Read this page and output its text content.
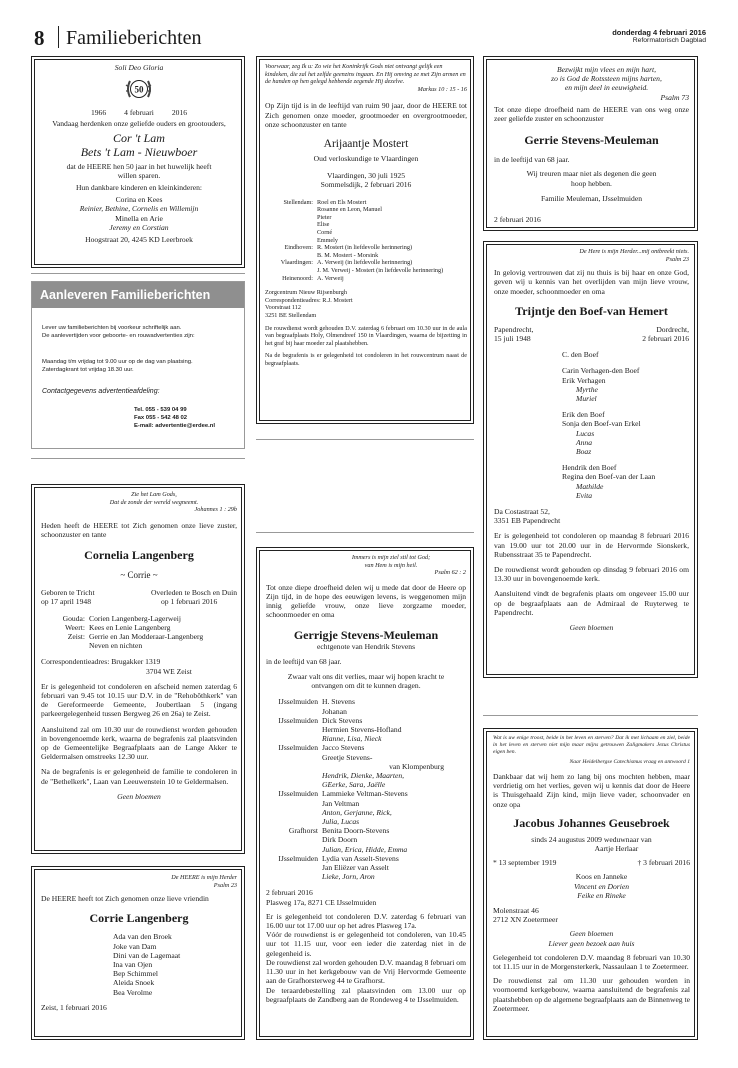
8 Familieberichten	donderdag 4 februari 2016
Reformatorisch Dagblad
Soli Deo Gloria
50
1966 4 februari 2016
Vandaag herdenken onze geliefde ouders en grootouders,
Cor 't Lam
Bets 't Lam - Nieuwboer
dat de HEERE hen 50 jaar in het huwelijk heeft willen sparen.
Hun dankbare kinderen en kleinkinderen:
Corina en Kees
Reinier, Bethine, Cornelis en Willemijn
Minella en Arie
Jeremy en Corstian
Hoogstraat 20, 4245 KD Leerbroek
Aanleveren Familieberichten
Lever uw familieberichten bij voorkeur schriftelijk aan.
De aanlevertijden voor geboorte- en rouwadvertenties zijn:
Maandag t/m vrijdag tot 9.00 uur op de dag van plaatsing.
Zaterdagkrant tot vrijdag 18.30 uur.
Contactgegevens advertentieafdeling:
Tel. 055 - 539 04 99
Fax 055 - 542 48 02
E-mail: advertentie@erdee.nl
Voorwaar, zeg Ik u: Zo wie het Koninkrijk Gods niet ontvangt gelijk een kindeken, die zal het zelfde geenzins ingaan. En Hij omving ze met Zijn armen en de handen op hen gelegd hebbende zegende Hij dezelve.
Markus 10 : 15 - 16
Op Zijn tijd is in de leeftijd van ruim 90 jaar, door de HEERE tot Zich genomen onze moeder, grootmoeder en overgrootmoeder, onze schoonzuster en tante
Arijaantje Mostert
Oud verloskundige te Vlaardingen
Vlaardingen, 30 juli 1925
Sommelsdijk, 2 februari 2016
Stellendam: Roel en Els Mostert
Rosanne en Leon, Manuel
Pieter
Elise
Corné
Emmely
Eindhoven: R. Mostert (in liefdevolle herinnering)
B. M. Mostert - Morsink
Vlaardingen: A. Verweij (in liefdevolle herinnering)
J. M. Verweij - Mostert (in liefdevolle herinnering)
Heinenoord: A. Verweij
Zorgcentrum Nieuw Rijsenburgh
Correspondentieadres: R.J. Mostert
Voorstraat 112
3251 BE Stellendam
De rouwdienst wordt gehouden D.V. zaterdag 6 februari om 10.30 uur in de aula van begraafplaats Holy, Olmendreef 150 in Vlaardingen, waarna de bijzetting in het graf bij haar moeder zal plaatshebben.
Na de begrafenis is er gelegenheid tot condoleren in het rouwcentrum naast de begraafplaats.
Bezwijkt mijn vlees en mijn hart,
zo is God de Rotssteen mijns harten,
en mijn deel in eeuwigheid.
Psalm 73
Tot onze diepe droefheid nam de HEERE van ons weg onze zeer geliefde zuster en schoonzuster
Gerrie Stevens-Meuleman
in de leeftijd van 68 jaar.
Wij treuren maar niet als degenen die geen hoop hebben.
Familie Meuleman, IJsselmuiden
2 februari 2016
De Here is mijn Herder...mij ontbreekt niets.
Psalm 23
In gelovig vertrouwen dat zij nu thuis is bij haar en onze God, geven wij u kennis van het overlijden van mijn lieve vrouw, onze moeder, schoonmoeder en oma
Trijntje den Boef-van Hemert
Papendrecht,
15 juli 1948
Dordrecht,
2 februari 2016
C. den Boef
Carin Verhagen-den Boef
Erik Verhagen
Myrthe
Muriel
Erik den Boef
Sonja den Boef-van Erkel
Lucas
Anna
Boaz
Hendrik den Boef
Regina den Boef-van der Laan
Mathilde
Evita
Da Costastraat 52,
3351 EB Papendrecht
Er is gelegenheid tot condoleren op maandag 8 februari 2016 van 19.00 uur tot 20.00 uur in de Hervormde Sionskerk, Rubensstraat 35 te Papendrecht.
De rouwdienst wordt gehouden op dinsdag 9 februari 2016 om 13.30 uur in bovengenoemde kerk.
Aansluitend vindt de begrafenis plaats om ongeveer 15.00 uur op de begraafplaats aan de Admiraal de Ruyterweg te Papendrecht.
Geen bloemen
Zie het Lam Gods,
Dat de zonde der wereld wegneemt.
Johannes 1 : 29b
Heden heeft de HEERE tot Zich genomen onze lieve zuster, schoonzuster en tante
Cornelia Langenberg
~ Corrie ~
Geboren te Tricht
op 17 april 1948
Overleden te Bosch en Duin
op 1 februari 2016
Gouda: Corien Langenberg-Lagerweij
Weert: Kees en Lenie Langenberg
Zeist: Gerrie en Jan Modderaar-Langenberg
Neven en nichten
Correspondentieadres: Brugakker 1319
3704 WE Zeist
Er is gelegenheid tot condoleren en afscheid nemen zaterdag 6 februari van 9.45 tot 10.15 uur D.V. in de "Rehobôthkerk" van de Gereformeerde Gemeente, Joubertlaan 5 (ingang parkeergelegenheid tussen Bergweg 26 en 26a) te Zeist.
Aansluitend zal om 10.30 uur de rouwdienst worden gehouden in bovengenoemde kerk, waarna de begrafenis zal plaatsvinden op de Gemeentelijke Begraafplaats aan de Lange Akker te Geldermalsen omstreeks 12.30 uur.
Na de begrafenis is er gelegenheid de familie te condoleren in de "Bethelkerk", Laan van Leeuwenstein 10 te Geldermalsen.
Geen bloemen
De HEERE is mijn Herder
Psalm 23
De HEERE heeft tot Zich genomen onze lieve vriendin
Corrie Langenberg
Ada van den Broek
Joke van Dam
Dini van de Lagemaat
Ina van Ojen
Bep Schimmel
Aleida Snoek
Bea Verolme
Zeist, 1 februari 2016
Immers is mijn ziel stil tot God;
van Hem is mijn heil.
Psalm 62 : 2
Tot onze diepe droefheid delen wij u mede dat door de Heere op Zijn tijd, in de hope des eeuwigen levens, is weggenomen mijn innig geliefde vrouw, onze lieve zorgzame moeder, schoonmoeder en oma
Gerrigje Stevens-Meuleman
echtgenote van Hendrik Stevens
in de leeftijd van 68 jaar.
Zwaar valt ons dit verlies, maar wij hopen kracht te ontvangen om dit te kunnen dragen.
IJsselmuiden H. Stevens
Johanan
IJsselmuiden Dick Stevens
Hermien Stevens-Hofland
Rianne, Lisa, Nieck
IJsselmuiden Jacco Stevens
Greetje Stevens-
van Klompenburg
Hendrik, Dienke, Maarten,
GEerke, Sara, Jaëlle
IJsselmuiden Lammieke Veltman-Stevens
Jan Veltman
Anton, Gerjanne, Rick,
Julia, Lucas
Grafhorst Benita Doorn-Stevens
Dirk Doorn
Julian, Erica, Hidde, Emma
IJsselmuiden Lydia van Asselt-Stevens
Jan Eliëzer van Asselt
Lieke, Jorn, Aron
2 februari 2016
Plasweg 17a, 8271 CE IJsselmuiden
Er is gelegenheid tot condoleren D.V. zaterdag 6 februari van 16.00 uur tot 17.00 uur op het adres Plasweg 17a.
Vóór de rouwdienst is er gelegenheid tot condoleren, van 10.45 uur tot 11.15 uur, voor een ieder die zaterdag niet in de gelegenheid is.
De rouwdienst zal worden gehouden D.V. maandag 8 februari om 11.30 uur in het kerkgebouw van de Vrij Hervormde Gemeente aan de Grafhorsterweg 44 te Grafhorst.
De teraardebestelling zal plaatsvinden om 13.00 uur op begraafplaats de Zandberg aan de Rondeweg 4 te IJsselmuiden.
Wat is uw enige troost, beide in het leven en sterven? Dat ik met lichaam en ziel, beide in het leven en sterven niet mijn maar mijns getrouwen Zaligmakers Jezus Christus eigen ben.
Naar Heidelbergse Catechismus vraag en antwoord 1
Dankbaar dat wij hem zo lang bij ons mochten hebben, maar verdrietig om het verlies, geven wij u kennis dat door de Heere is Thuisgehaald Zijn kind, mijn lieve vader, schoonvader en onze opa
Jacobus Johannes Geusebroek
sinds 24 augustus 2009 weduwnaar van
Aartje Herlaar
* 13 september 1919	† 3 februari 2016
Koos en Janneke
Vincent en Dorien
Feike en Rineke
Molenstraat 46
2712 XN Zoetermeer
Geen bloemen
Liever geen bezoek aan huis
Gelegenheid tot condoleren D.V. maandag 8 februari van 10.30 tot 11.15 uur in de Morgensterkerk, Nassaulaan 1 te Zoetermeer.
De rouwdienst zal om 11.30 uur gehouden worden in voornoemd kerkgebouw, waarna aansluitend de begrafenis zal plaatshebben op de algemene begraafplaats aan de Binnenweg te Zoetermeer.
